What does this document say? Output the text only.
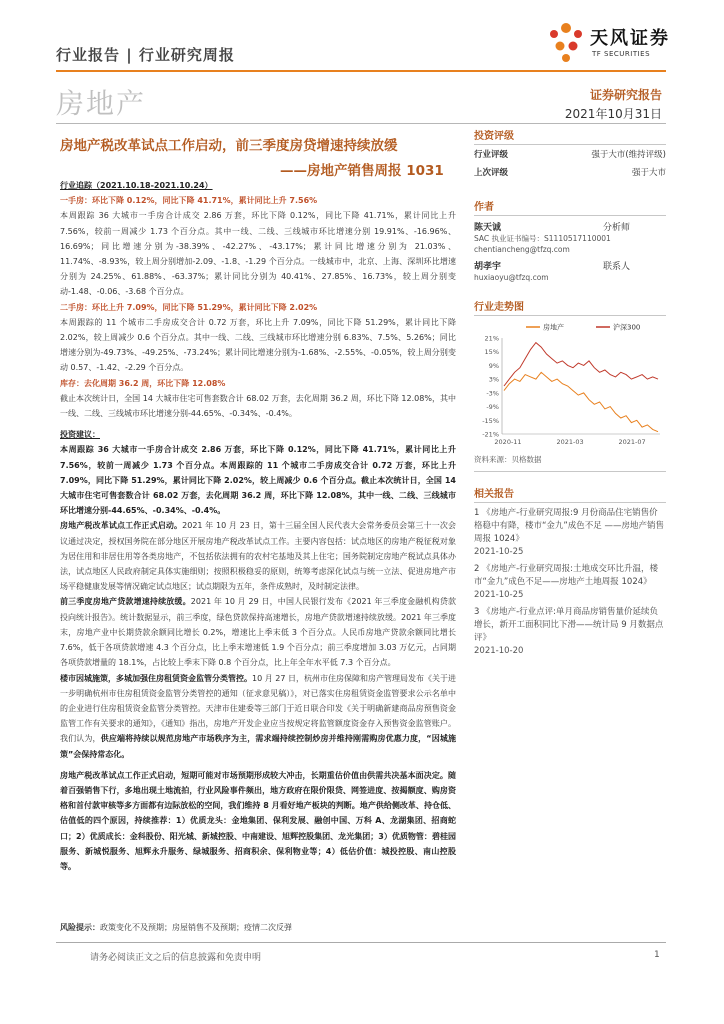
行业报告 | 行业研究周报
天风证券
TF SECURITIES
房地产	证券研究报告
2021年10月31日
房地产税改革试点工作启动，前三季度房贷增速持续放缓
——房地产销售周报 1031

行业追踪（2021.10.18-2021.10.24）

一手房：环比下降 0.12%，同比下降 41.71%，累计同比上升 7.56%

本周跟踪 36 大城市一手房合计成交 2.86 万套，环比下降 0.12%，同比下降 41.71%，累计同比上升 7.56%，较前一周减少 1.73 个百分点。其中一线、二线、三线城市环比增速分别 19.91%、-16.96%、16.69%；同比增速分别为-38.39%、-42.27%、-43.17%；累计同比增速分别为 21.03%、11.74%、-8.93%，较上周分别增加-2.09、-1.8、-1.29 个百分点。一线城市中，北京、上海、深圳环比增速分别为 24.25%、61.88%、-63.37%；累计同比分别为 40.41%、27.85%、16.73%，较上周分别变动-1.48、-0.06、-3.68 个百分点。

二手房：环比上升 7.09%，同比下降 51.29%，累计同比下降 2.02%

本周跟踪的 11 个城市二手房成交合计 0.72 万套，环比上升 7.09%，同比下降 51.29%，累计同比下降 2.02%，较上周减少 0.6 个百分点。其中一线、二线、三线城市环比增速分别 6.83%、7.5%、5.26%；同比增速分别为-49.73%、-49.25%、-73.24%；累计同比增速分别为-1.68%、-2.55%、-0.05%，较上周分别变动 0.57、-1.42、-2.29 个百分点。

库存：去化周期 36.2 周，环比下降 12.08%

截止本次统计日，全国 14 大城市住宅可售套数合计 68.02 万套，去化周期 36.2 周，环比下降 12.08%，其中一线、二线、三线城市环比增速分别-44.65%、-0.34%、-0.4%。

投资建议：

本周跟踪 36 大城市一手房合计成交 2.86 万套，环比下降 0.12%，同比下降 41.71%，累计同比上升 7.56%，较前一周减少 1.73 个百分点。本周跟踪的 11 个城市二手房成交合计 0.72 万套，环比上升 7.09%，同比下降 51.29%，累计同比下降 2.02%，较上周减少 0.6 个百分点。截止本次统计日，全国 14 大城市住宅可售套数合计 68.02 万套，去化周期 36.2 周，环比下降 12.08%，其中一线、二线、三线城市环比增速分别-44.65%、-0.34%、-0.4%。

房地产税改革试点工作正式启动。2021 年 10 月 23 日，第十三届全国人民代表大会常务委员会第三十一次会议通过决定，授权国务院在部分地区开展房地产税改革试点工作。主要内容包括：试点地区的房地产税征税对象为居住用和非居住用等各类房地产，不包括依法拥有的农村宅基地及其上住宅；国务院制定房地产税试点具体办法，试点地区人民政府制定具体实施细则；按照积极稳妥的原则，统筹考虑深化试点与统一立法、促进房地产市场平稳健康发展等情况确定试点地区；试点期限为五年，条件成熟时，及时制定法律。

前三季度房地产贷款增速持续放缓。2021 年 10 月 29 日，中国人民银行发布《2021 年三季度金融机构贷款投向统计报告》。统计数据显示，前三季度，绿色贷款保持高速增长，房地产贷款增速持续放缓。2021 年三季度末，房地产业中长期贷款余额同比增长 0.2%，增速比上季末低 3 个百分点。人民币房地产贷款余额同比增长 7.6%，低于各项贷款增速 4.3 个百分点，比上季末增速低 1.9 个百分点；前三季度增加 3.03 万亿元，占同期各项贷款增量的 18.1%，占比较上季末下降 0.8 个百分点，比上年全年水平低 7.3 个百分点。

楼市因城施策，多城加强住房租赁资金监管分类管控。10 月 27 日，杭州市住房保障和房产管理局发布《关于进一步明确杭州市住房租赁资金监管分类管控的通知（征求意见稿）》，对已落实住房租赁资金监管要求公示名单中的企业进行住房租赁资金监管分类管控。天津市住建委等三部门于近日联合印发《关于明确新建商品房预售资金监管工作有关要求的通知》，《通知》指出，房地产开发企业应当按规定将监管额度资金存入预售资金监管账户。我们认为，供应端将持续以规范房地产市场秩序为主，需求端持续控制炒房并维持刚需购房优惠力度，“因城施策”会保持常态化。

房地产税改革试点工作正式启动，短期可能对市场预期形成较大冲击，长期重估价值由供需共决基本面决定。随着百强销售下行，多地出现土地流拍，行业风险事件频出，地方政府在限价限贷、网签进度、按揭额度、购房资格和首付款审核等多方面都有边际放松的空间，我们维持 8 月看好地产板块的判断。地产供给侧改革、持仓低、估值低的四个原因，持续推荐：1）优质龙头：金地集团、保利发展、融创中国、万科 A、龙湖集团、招商蛇口；2）优质成长：金科股份、阳光城、新城控股、中南建设、旭辉控股集团、龙光集团；3）优质物管：碧桂园服务、新城悦服务、旭辉永升服务、绿城服务、招商积余、保利物业等；4）低估价值：城投控股、南山控股等。

风险提示：政策变化不及预期；房屋销售不及预期；疫情二次反弹
投资评级
行业评级	强于大市(维持评级)
上次评级	强于大市
作者
陈天诚	分析师
SAC 执业证书编号：S1110517110001
chentiancheng@tfzq.com
胡孝宇	联系人
huxiaoyu@tfzq.com
行业走势图
21%
15%
9%
3%
-3%
-9%
-15%
-21%
2020-11	2021-03	2021-07
房地产	沪深300
资料来源：贝格数据
相关报告
1 《房地产-行业研究周报:9 月份商品住宅销售价格稳中有降，楼市“金九”成色不足 ——房地产销售周报 1024》
2021-10-25
2 《房地产-行业研究周报:土地成交环比升温，楼市“金九”成色不足——房地产土地周报 1024》
2021-10-25
3 《房地产-行业点评:单月商品房销售量价延续负增长，新开工面积同比下滑——统计局 9 月数据点评》
2021-10-20
请务必阅读正文之后的信息披露和免责申明	1
